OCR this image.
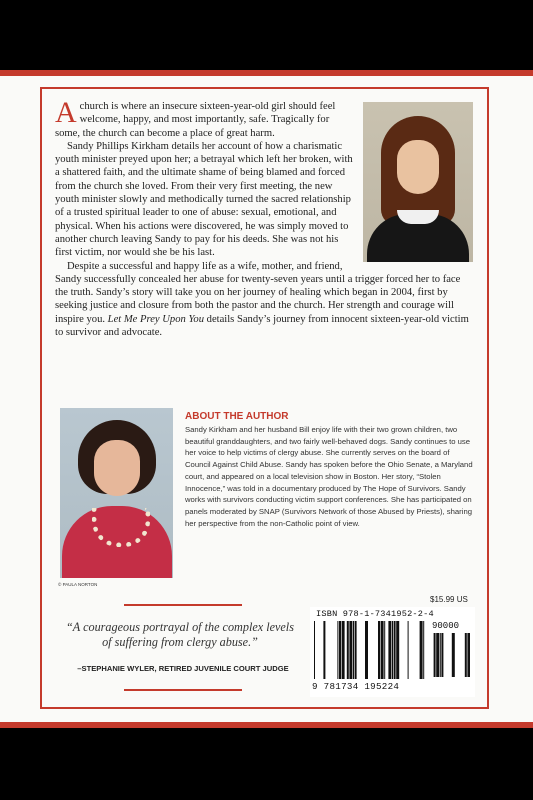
A church is where an insecure sixteen-year-old girl should feel welcome, happy, and most importantly, safe. Tragically for some, the church can become a place of great harm.

Sandy Phillips Kirkham details her account of how a charismatic youth minister preyed upon her; a betrayal which left her broken, with a shattered faith, and the ultimate shame of being blamed and forced from the church she loved. From their very first meeting, the new youth minister slowly and methodically turned the sacred relationship of a trusted spiritual leader to one of abuse: sexual, emotional, and physical. When his actions were discovered, he was simply moved to another church leaving Sandy to pay for his deeds. She was not his first victim, nor would she be his last.

Despite a successful and happy life as a wife, mother, and friend, Sandy successfully concealed her abuse for twenty-seven years until a trigger forced her to face the truth. Sandy’s story will take you on her journey of healing which began in 2004, first by seeking justice and closure from both the pastor and the church. Her strength and courage will inspire you. Let Me Prey Upon You details Sandy’s journey from innocent sixteen-year-old victim to survivor and advocate.

© PAULA NORTON
ABOUT THE AUTHOR
Sandy Kirkham and her husband Bill enjoy life with their two grown children, two beautiful granddaughters, and two fairly well-behaved dogs. Sandy continues to use her voice to help victims of clergy abuse. She currently serves on the board of Council Against Child Abuse. Sandy has spoken before the Ohio Senate, a Maryland court, and appeared on a local television show in Boston. Her story, “Stolen Innocence,” was told in a documentary produced by The Hope of Survivors. Sandy works with survivors conducting victim support conferences. She has participated on panels moderated by SNAP (Survivors Network of those Abused by Priests), sharing her perspective from the non-Catholic point of view.
“A courageous portrayal of the complex levels of suffering from clergy abuse.”
–STEPHANIE WYLER, RETIRED JUVENILE COURT JUDGE
$15.99 US
ISBN 978-1-7341952-2-4
90000
9 781734 195224
